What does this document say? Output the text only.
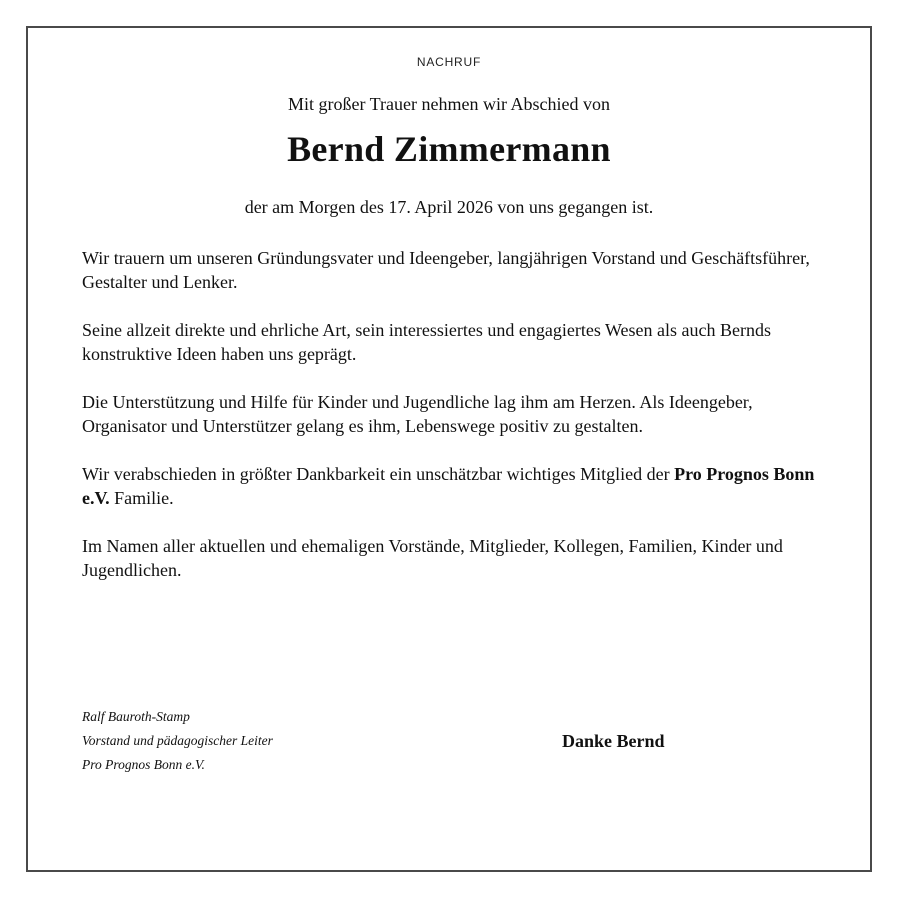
NACHRUF
Mit großer Trauer nehmen wir Abschied von
Bernd Zimmermann
der am Morgen des 17. April 2026 von uns gegangen ist.

Wir trauern um unseren Gründungsvater und Ideengeber, langjährigen Vorstand und Geschäftsführer, Gestalter und Lenker.

Seine allzeit direkte und ehrliche Art, sein interessiertes und engagiertes Wesen als auch Bernds konstruktive Ideen haben uns geprägt.

Die Unterstützung und Hilfe für Kinder und Jugendliche lag ihm am Herzen. Als Ideengeber, Organisator und Unterstützer gelang es ihm, Lebenswege positiv zu gestalten.

Wir verabschieden in größter Dankbarkeit ein unschätzbar wichtiges Mitglied der Pro Prognos Bonn e.V. Familie.

Im Namen aller aktuellen und ehemaligen Vorstände, Mitglieder, Kollegen, Familien, Kinder und Jugendlichen.

Ralf Bauroth-Stamp
Vorstand und pädagogischer Leiter
Pro Prognos Bonn e.V.
Danke Bernd
